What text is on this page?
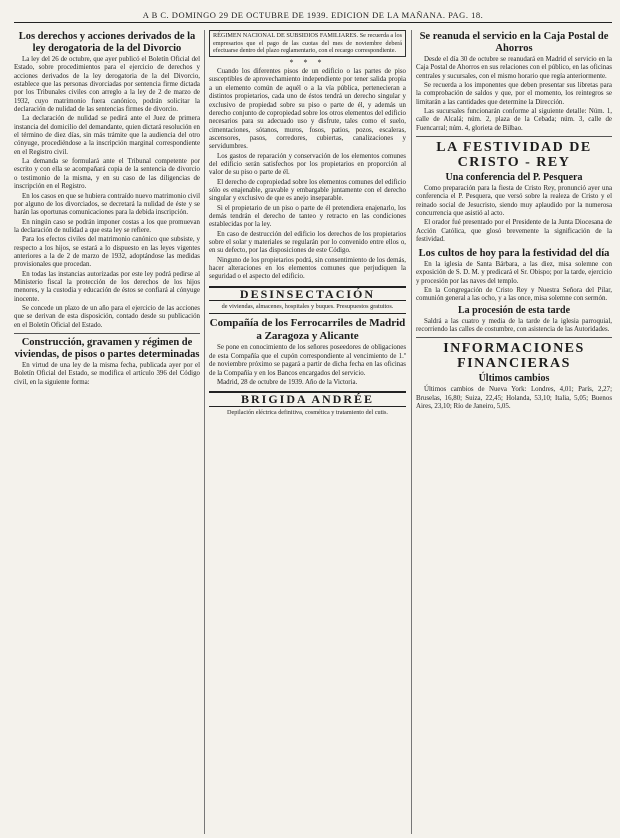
A B C. DOMINGO 29 DE OCTUBRE DE 1939. EDICION DE LA MAÑANA. PAG. 18.
Los derechos y acciones derivados de la ley derogatoria de la del Divorcio

La ley del 26 de octubre, que ayer publicó el Boletín Oficial del Estado, sobre procedimientos para el ejercicio de derechos y acciones derivados de la ley derogatoria de la del Divorcio, establece que las personas divorciadas por sentencia firme dictada por los Tribunales civiles con arreglo a la ley de 2 de marzo de 1932, cuyo matrimonio fuera canónico, podrán solicitar la declaración de nulidad de las sentencias firmes de divorcio.

La declaración de nulidad se pedirá ante el Juez de primera instancia del domicilio del demandante, quien dictará resolución en el término de diez días, sin más trámite que la audiencia del otro cónyuge, procediéndose a la inscripción marginal correspondiente en el Registro civil.

La demanda se formulará ante el Tribunal competente por escrito y con ella se acompañará copia de la sentencia de divorcio o testimonio de la misma, y en su caso de las diligencias de inscripción en el Registro.

En los casos en que se hubiera contraído nuevo matrimonio civil por alguno de los divorciados, se decretará la nulidad de éste y se harán las oportunas comunicaciones para la debida inscripción.

En ningún caso se podrán imponer costas a los que promuevan la declaración de nulidad a que esta ley se refiere.

Para los efectos civiles del matrimonio canónico que subsiste, y respecto a los hijos, se estará a lo dispuesto en las leyes vigentes anteriores a la de 2 de marzo de 1932, adoptándose las medidas provisionales que procedan.

En todas las instancias autorizadas por este ley podrá pedirse al Ministerio fiscal la protección de los derechos de los hijos menores, y la custodia y educación de éstos se confiará al cónyuge inocente.

Se concede un plazo de un año para el ejercicio de las acciones que se derivan de esta disposición, contado desde su publicación en el Boletín Oficial del Estado.

Construcción, gravamen y régimen de viviendas, de pisos o partes determinadas

En virtud de una ley de la misma fecha, publicada ayer por el Boletín Oficial del Estado, se modifica el artículo 396 del Código civil, en la siguiente forma:

RÉGIMEN NACIONAL DE SUBSIDIOS FAMILIARES. Se recuerda a los empresarios que el pago de las cuotas del mes de noviembre deberá efectuarse dentro del plazo reglamentario, con el recargo correspondiente.
* * *

Cuando los diferentes pisos de un edificio o las partes de piso susceptibles de aprovechamiento independiente por tener salida propia a un elemento común de aquél o a la vía pública, pertenecieran a distintos propietarios, cada uno de éstos tendrá un derecho singular y exclusivo de propiedad sobre su piso o parte de él, y además un derecho conjunto de copropiedad sobre los otros elementos del edificio necesarios para su adecuado uso y disfrute, tales como el suelo, cimentaciones, sótanos, muros, fosos, patios, pozos, escaleras, ascensores, pasos, corredores, cubiertas, canalizaciones y servidumbres.

Los gastos de reparación y conservación de los elementos comunes del edificio serán satisfechos por los propietarios en proporción al valor de su piso o parte de él.

El derecho de copropiedad sobre los elementos comunes del edificio sólo es enajenable, gravable y embargable juntamente con el derecho singular y exclusivo de que es anejo inseparable.

Si el propietario de un piso o parte de él pretendiera enajenarlo, los demás tendrán el derecho de tanteo y retracto en las condiciones establecidas por la ley.

En caso de destrucción del edificio los derechos de los propietarios sobre el solar y materiales se regularán por lo convenido entre ellos o, en su defecto, por las disposiciones de este Código.

Ninguno de los propietarios podrá, sin consentimiento de los demás, hacer alteraciones en los elementos comunes que perjudiquen la seguridad o el aspecto del edificio.

DESINSECTACIÓN
de viviendas, almacenes, hospitales y buques. Presupuestos gratuitos.
Compañía de los Ferrocarriles de Madrid a Zaragoza y Alicante

Se pone en conocimiento de los señores poseedores de obligaciones de esta Compañía que el cupón correspondiente al vencimiento de 1.º de noviembre próximo se pagará a partir de dicha fecha en las oficinas de la Compañía y en los Bancos encargados del servicio.

Madrid, 28 de octubre de 1939. Año de la Victoria.

BRIGIDA ANDRÉE
Depilación eléctrica definitiva, cosmética y tratamiento del cutis.
Se reanuda el servicio en la Caja Postal de Ahorros

Desde el día 30 de octubre se reanudará en Madrid el servicio en la Caja Postal de Ahorros en sus relaciones con el público, en las oficinas centrales y sucursales, con el mismo horario que regía anteriormente.

Se recuerda a los imponentes que deben presentar sus libretas para la comprobación de saldos y que, por el momento, los reintegros se limitarán a las cantidades que determine la Dirección.

Las sucursales funcionarán conforme al siguiente detalle: Núm. 1, calle de Alcalá; núm. 2, plaza de la Cebada; núm. 3, calle de Fuencarral; núm. 4, glorieta de Bilbao.

LA FESTIVIDAD DE CRISTO - REY
Una conferencia del P. Pesquera

Como preparación para la fiesta de Cristo Rey, pronunció ayer una conferencia el P. Pesquera, que versó sobre la realeza de Cristo y el reinado social de Jesucristo, siendo muy aplaudido por la numerosa concurrencia que asistió al acto.

El orador fué presentado por el Presidente de la Junta Diocesana de Acción Católica, que glosó brevemente la significación de la festividad.

Los cultos de hoy para la festividad del día

En la iglesia de Santa Bárbara, a las diez, misa solemne con exposición de S. D. M. y predicará el Sr. Obispo; por la tarde, ejercicio y procesión por las naves del templo.

En la Congregación de Cristo Rey y Nuestra Señora del Pilar, comunión general a las ocho, y a las once, misa solemne con sermón.

La procesión de esta tarde

Saldrá a las cuatro y media de la tarde de la iglesia parroquial, recorriendo las calles de costumbre, con asistencia de las Autoridades.

INFORMACIONES FINANCIERAS
Últimos cambios

Últimos cambios de Nueva York: Londres, 4,01; París, 2,27; Bruselas, 16,80; Suiza, 22,45; Holanda, 53,10; Italia, 5,05; Buenos Aires, 23,10; Río de Janeiro, 5,05.
